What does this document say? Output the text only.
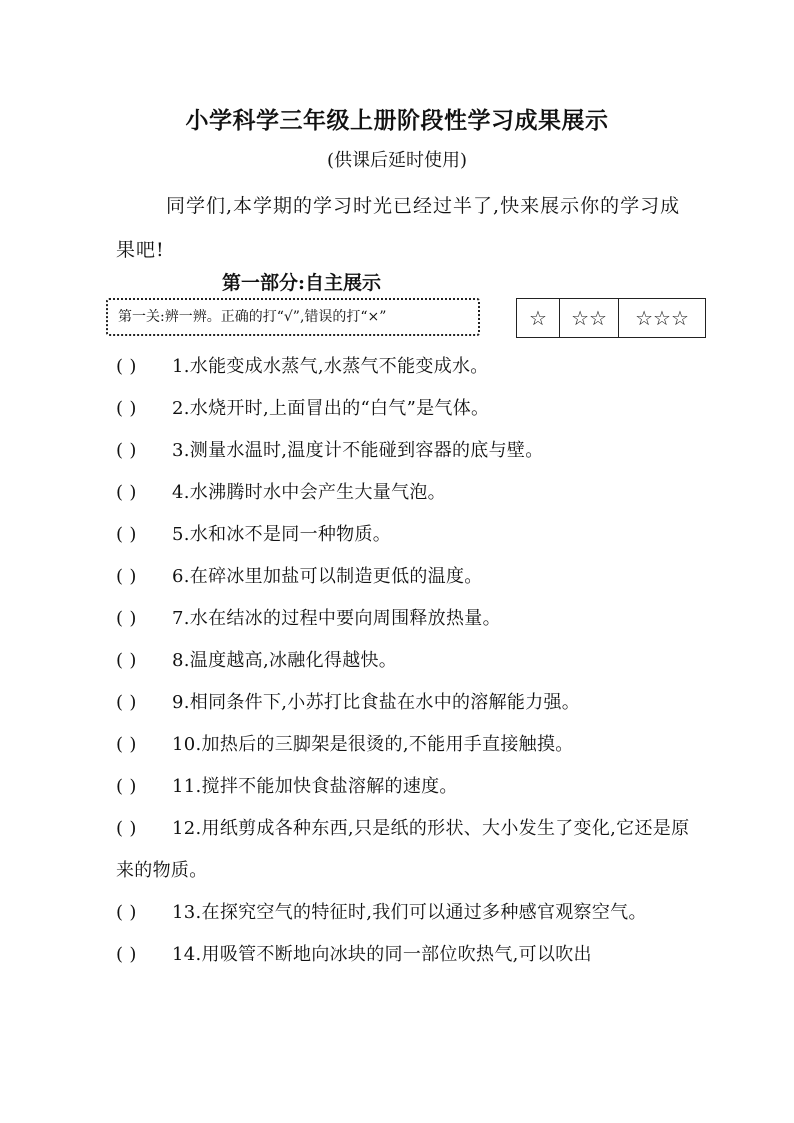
小学科学三年级上册阶段性学习成果展示
(供课后延时使用)
同学们,本学期的学习时光已经过半了,快来展示你的学习成果吧!
第一部分:自主展示
第一关:辨一辨。正确的打“√”,错误的打“×”	☆	☆☆	☆☆☆
( ) 1.水能变成水蒸气,水蒸气不能变成水。
( ) 2.水烧开时,上面冒出的“白气”是气体。
( ) 3.测量水温时,温度计不能碰到容器的底与壁。
( ) 4.水沸腾时水中会产生大量气泡。
( ) 5.水和冰不是同一种物质。
( ) 6.在碎冰里加盐可以制造更低的温度。
( ) 7.水在结冰的过程中要向周围释放热量。
( ) 8.温度越高,冰融化得越快。
( ) 9.相同条件下,小苏打比食盐在水中的溶解能力强。
( ) 10.加热后的三脚架是很烫的,不能用手直接触摸。
( ) 11.搅拌不能加快食盐溶解的速度。
( ) 12.用纸剪成各种东西,只是纸的形状、大小发生了变化,它还是原来的物质。
( ) 13.在探究空气的特征时,我们可以通过多种感官观察空气。
( ) 14.用吸管不断地向冰块的同一部位吹热气,可以吹出
